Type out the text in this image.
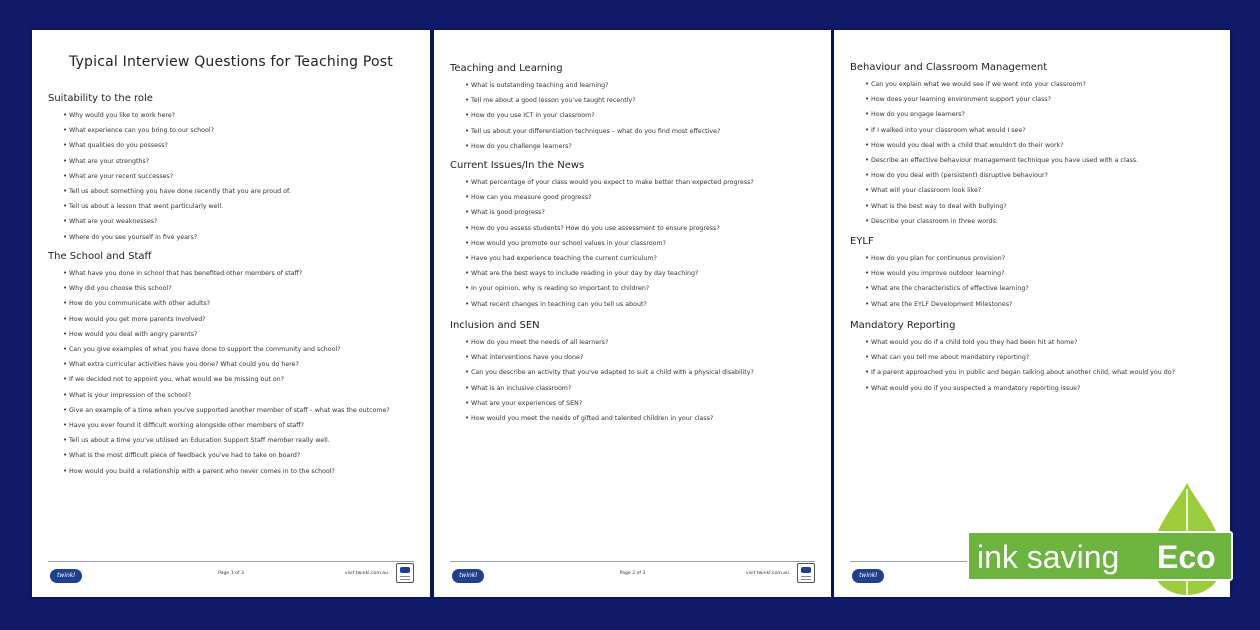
Typical Interview Questions for Teaching Post
Suitability to the role
• Why would you like to work here?
• What experience can you bring to our school?
• What qualities do you possess?
• What are your strengths?
• What are your recent successes?
• Tell us about something you have done recently that you are proud of.
• Tell us about a lesson that went particularly well.
• What are your weaknesses?
• Where do you see yourself in five years?
The School and Staff
• What have you done in school that has benefited other members of staff?
• Why did you choose this school?
• How do you communicate with other adults?
• How would you get more parents involved?
• How would you deal with angry parents?
• Can you give examples of what you have done to support the community and school?
• What extra curricular activities have you done? What could you do here?
• If we decided not to appoint you, what would we be missing out on?
• What is your impression of the school?
• Give an example of a time when you've supported another member of staff – what was the outcome?
• Have you ever found it difficult working alongside other members of staff?
• Tell us about a time you've utilised an Education Support Staff member really well.
• What is the most difficult piece of feedback you've had to take on board?
• How would you build a relationship with a parent who never comes in to the school?
twinkl	Page 1 of 3	visit twinkl.com.au
Teaching and Learning
• What is outstanding teaching and learning?
• Tell me about a good lesson you've taught recently?
• How do you use ICT in your classroom?
• Tell us about your differentiation techniques – what do you find most effective?
• How do you challenge learners?
Current Issues/In the News
• What percentage of your class would you expect to make better than expected progress?
• How can you measure good progress?
• What is good progress?
• How do you assess students? How do you use assessment to ensure progress?
• How would you promote our school values in your classroom?
• Have you had experience teaching the current curriculum?
• What are the best ways to include reading in your day by day teaching?
• In your opinion, why is reading so important to children?
• What recent changes in teaching can you tell us about?
Inclusion and SEN
• How do you meet the needs of all learners?
• What interventions have you done?
• Can you describe an activity that you've adapted to suit a child with a physical disability?
• What is an inclusive classroom?
• What are your experiences of SEN?
• How would you meet the needs of gifted and talented children in your class?
twinkl	Page 2 of 3	visit twinkl.com.au
Behaviour and Classroom Management
• Can you explain what we would see if we went into your classroom?
• How does your learning environment support your class?
• How do you engage learners?
• If I walked into your classroom what would I see?
• How would you deal with a child that wouldn't do their work?
• Describe an effective behaviour management technique you have used with a class.
• How do you deal with (persistent) disruptive behaviour?
• What will your classroom look like?
• What is the best way to deal with bullying?
• Describe your classroom in three words.
EYLF
• How do you plan for continuous provision?
• How would you improve outdoor learning?
• What are the characteristics of effective learning?
• What are the EYLF Development Milestones?
Mandatory Reporting
• What would you do if a child told you they had been hit at home?
• What can you tell me about mandatory reporting?
• If a parent approached you in public and began talking about another child, what would you do?
• What would you do if you suspected a mandatory reporting issue?
twinkl
ink saving Eco
